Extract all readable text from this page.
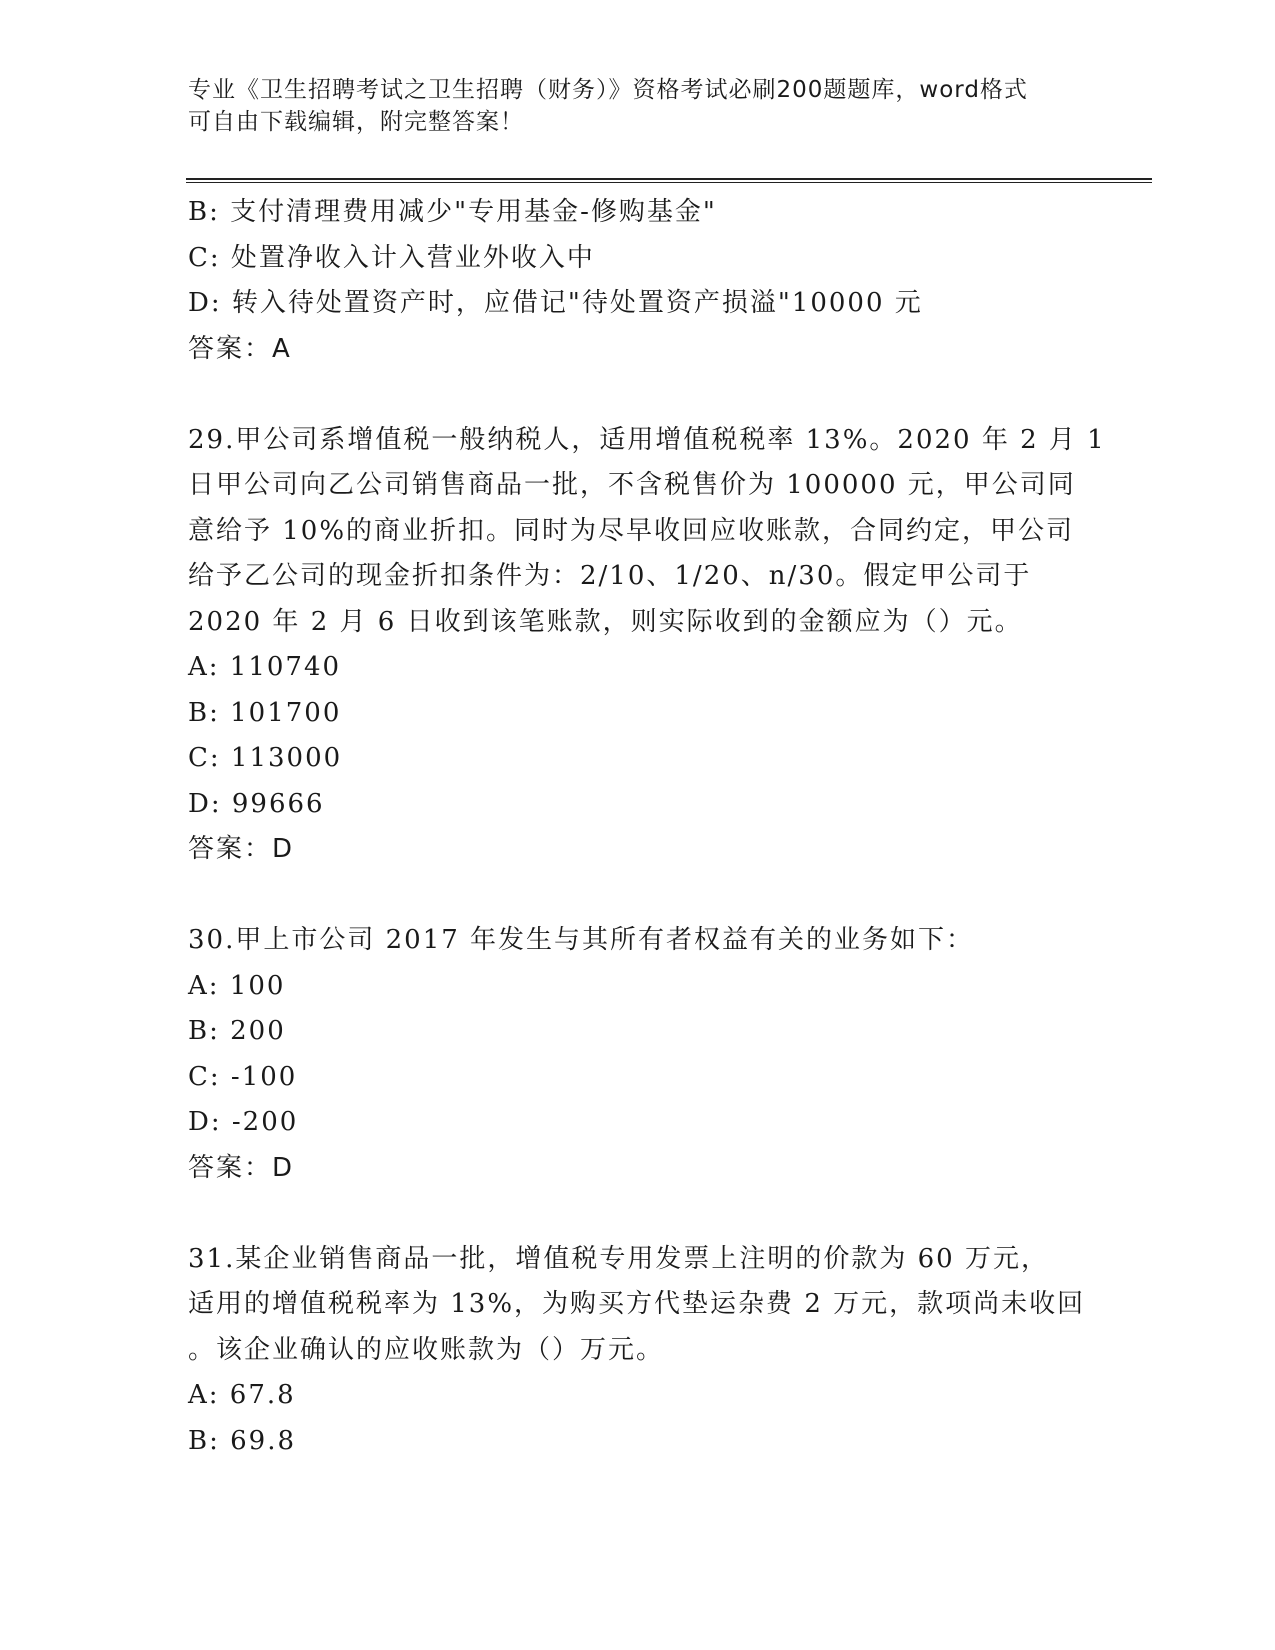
专业《卫生招聘考试之卫生招聘（财务）》资格考试必刷200题题库，word格式
可自由下载编辑，附完整答案！
B: 支付清理费用减少"专用基金-修购基金"
C: 处置净收入计入营业外收入中
D: 转入待处置资产时，应借记"待处置资产损溢"10000 元
答案：A
29.甲公司系增值税一般纳税人，适用增值税税率 13%。2020 年 2 月 1
日甲公司向乙公司销售商品一批，不含税售价为 100000 元，甲公司同
意给予 10%的商业折扣。同时为尽早收回应收账款，合同约定，甲公司
给予乙公司的现金折扣条件为：2/10、1/20、n/30。假定甲公司于
2020 年 2 月 6 日收到该笔账款，则实际收到的金额应为（）元。
A: 110740
B: 101700
C: 113000
D: 99666
答案：D
30.甲上市公司 2017 年发生与其所有者权益有关的业务如下：
A: 100
B: 200
C: -100
D: -200
答案：D
31.某企业销售商品一批，增值税专用发票上注明的价款为 60 万元，
适用的增值税税率为 13%，为购买方代垫运杂费 2 万元，款项尚未收回
。该企业确认的应收账款为（）万元。
A: 67.8
B: 69.8
